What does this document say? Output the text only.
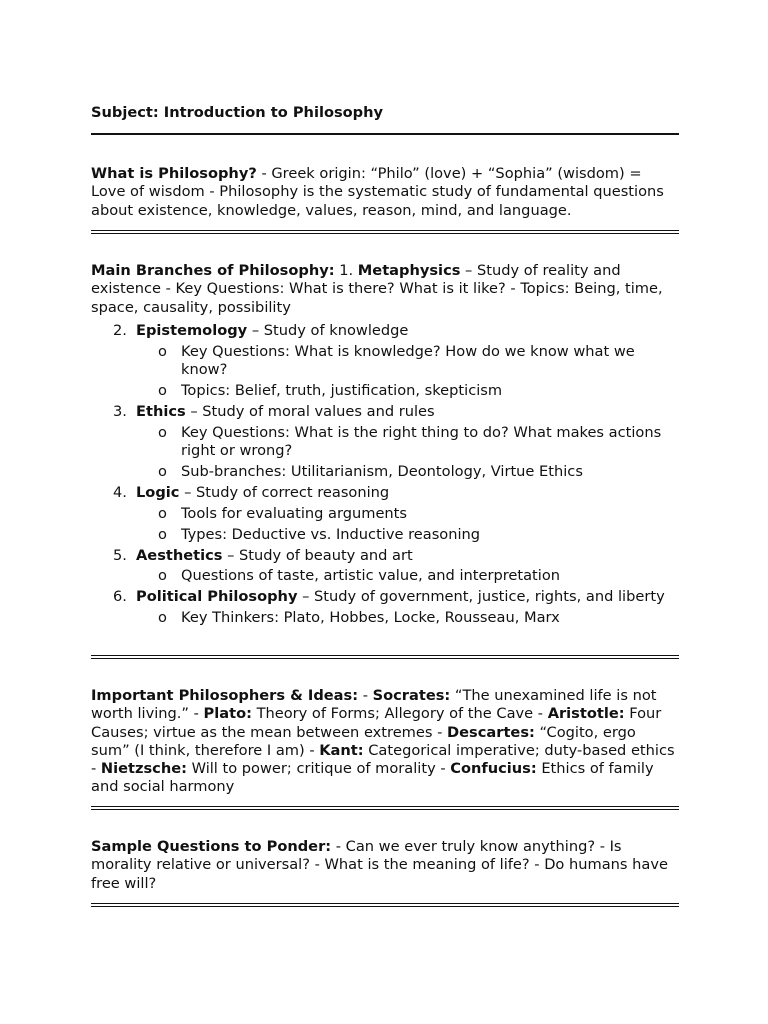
Subject: Introduction to Philosophy

What is Philosophy? - Greek origin: “Philo” (love) + “Sophia” (wisdom) = Love of wisdom - Philosophy is the systematic study of fundamental questions about existence, knowledge, values, reason, mind, and language.

Main Branches of Philosophy: 1. Metaphysics – Study of reality and existence - Key Questions: What is there? What is it like? - Topics: Being, time, space, causality, possibility

2. Epistemology – Study of knowledge
o Key Questions: What is knowledge? How do we know what we know?
o Topics: Belief, truth, justification, skepticism
3. Ethics – Study of moral values and rules
o Key Questions: What is the right thing to do? What makes actions right or wrong?
o Sub-branches: Utilitarianism, Deontology, Virtue Ethics
4. Logic – Study of correct reasoning
o Tools for evaluating arguments
o Types: Deductive vs. Inductive reasoning
5. Aesthetics – Study of beauty and art
o Questions of taste, artistic value, and interpretation
6. Political Philosophy – Study of government, justice, rights, and liberty
o Key Thinkers: Plato, Hobbes, Locke, Rousseau, Marx

Important Philosophers & Ideas: - Socrates: “The unexamined life is not worth living.” - Plato: Theory of Forms; Allegory of the Cave - Aristotle: Four Causes; virtue as the mean between extremes - Descartes: “Cogito, ergo sum” (I think, therefore I am) - Kant: Categorical imperative; duty-based ethics - Nietzsche: Will to power; critique of morality - Confucius: Ethics of family and social harmony

Sample Questions to Ponder: - Can we ever truly know anything? - Is morality relative or universal? - What is the meaning of life? - Do humans have free will?
